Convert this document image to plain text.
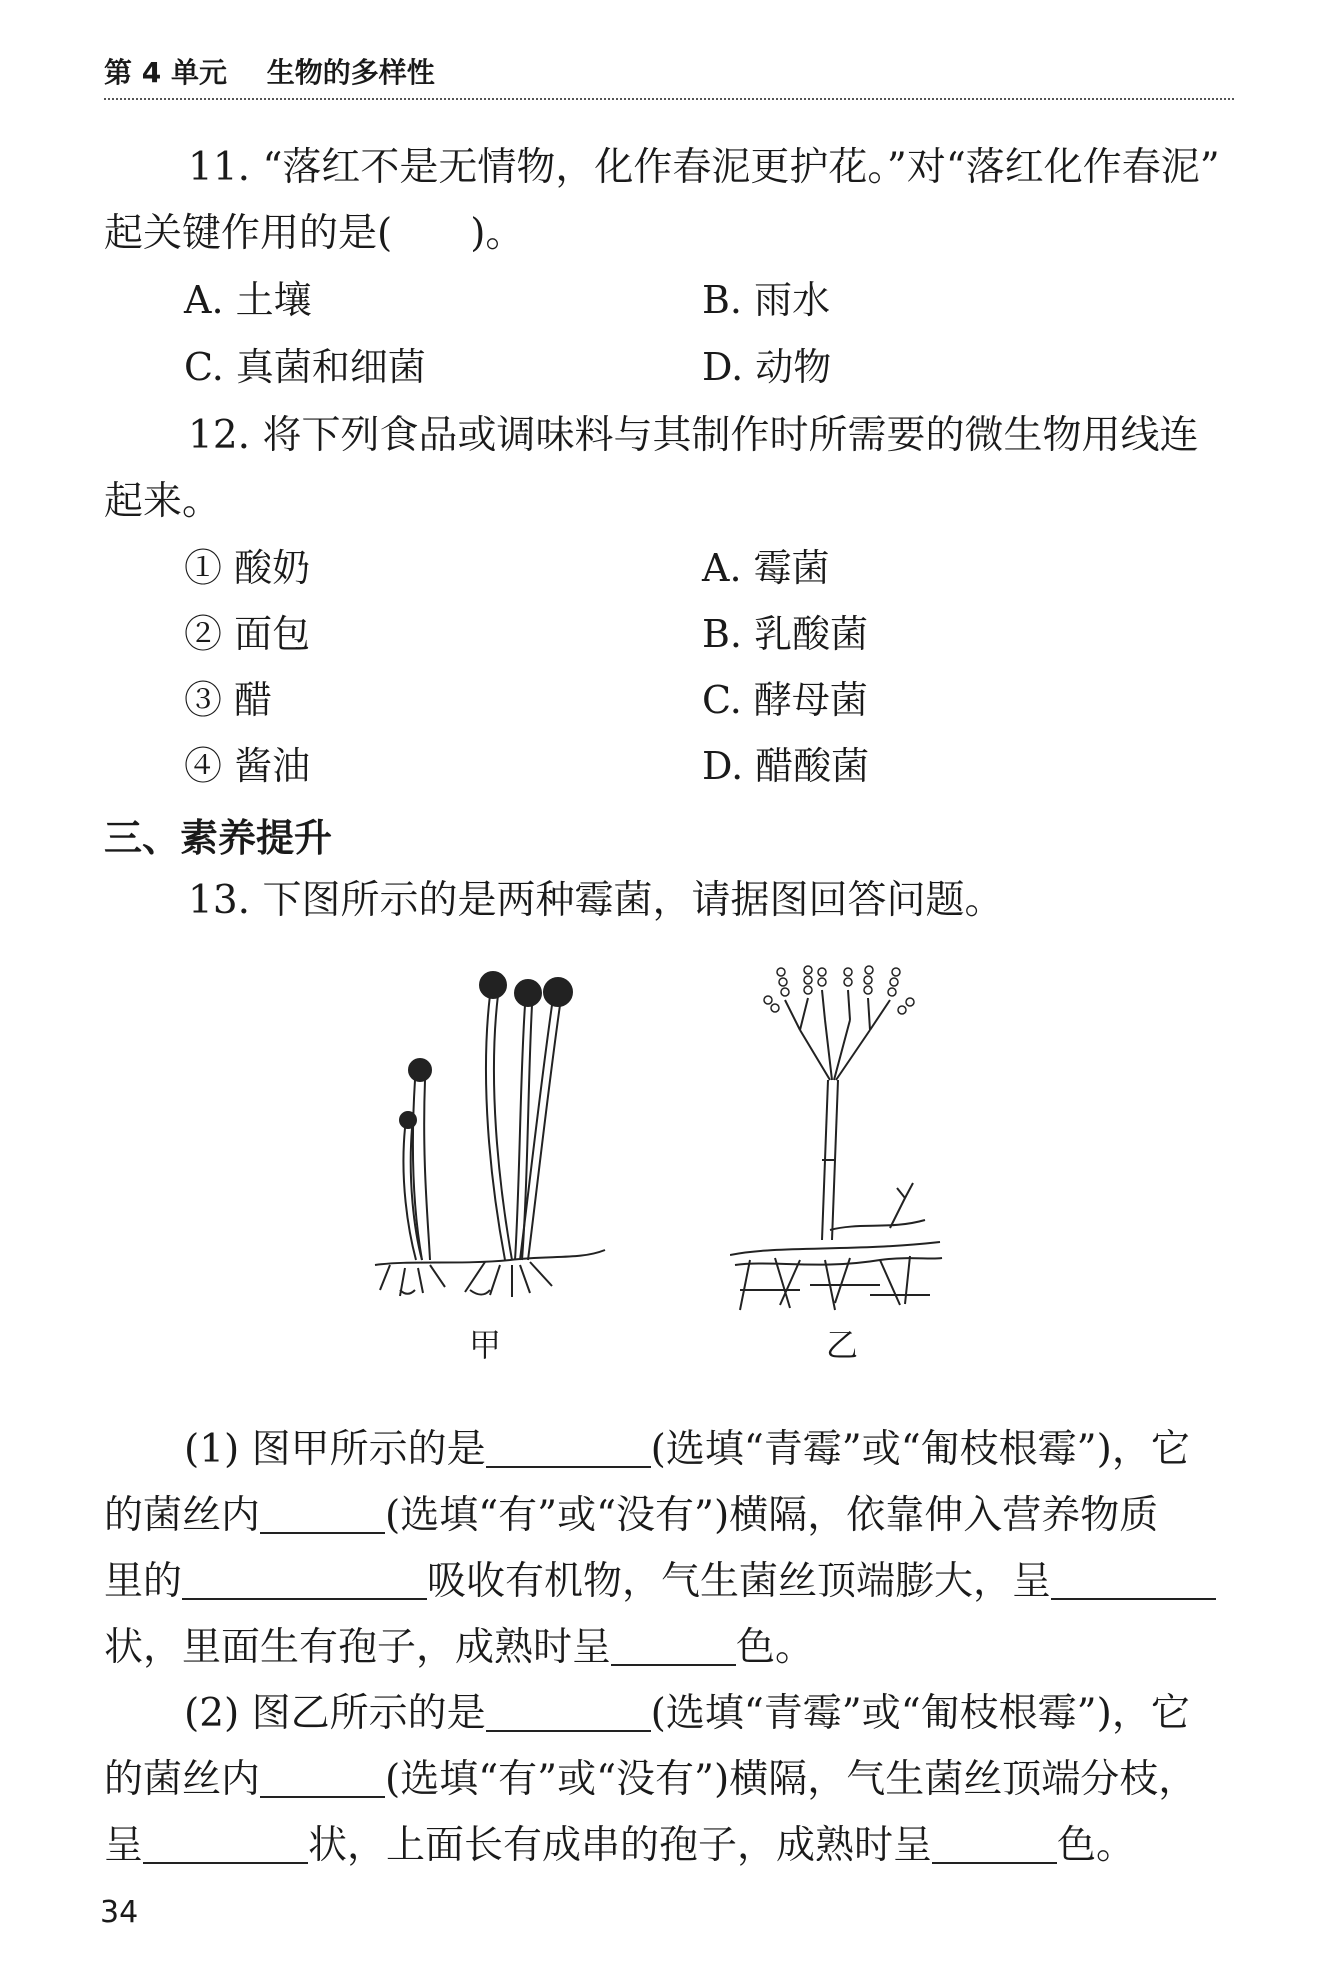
第 4 单元 生物的多样性
11. “落红不是无情物，化作春泥更护花。”对“落红化作春泥”
起关键作用的是(　　)。
A. 土壤	B. 雨水
C. 真菌和细菌	D. 动物
12. 将下列食品或调味料与其制作时所需要的微生物用线连
起来。
① 酸奶	A. 霉菌
② 面包	B. 乳酸菌
③ 醋	C. 酵母菌
④ 酱油	D. 醋酸菌
三、素养提升
13. 下图所示的是两种霉菌，请据图回答问题。
甲	乙
(1) 图甲所示的是	(选填“青霉”或“匍枝根霉”)，它
的菌丝内	(选填“有”或“没有”)横隔，依靠伸入营养物质
里的	吸收有机物，气生菌丝顶端膨大，呈
状，里面生有孢子，成熟时呈	色。
(2) 图乙所示的是	(选填“青霉”或“匍枝根霉”)，它
的菌丝内	(选填“有”或“没有”)横隔，气生菌丝顶端分枝，
呈	状，上面长有成串的孢子，成熟时呈	色。
34
